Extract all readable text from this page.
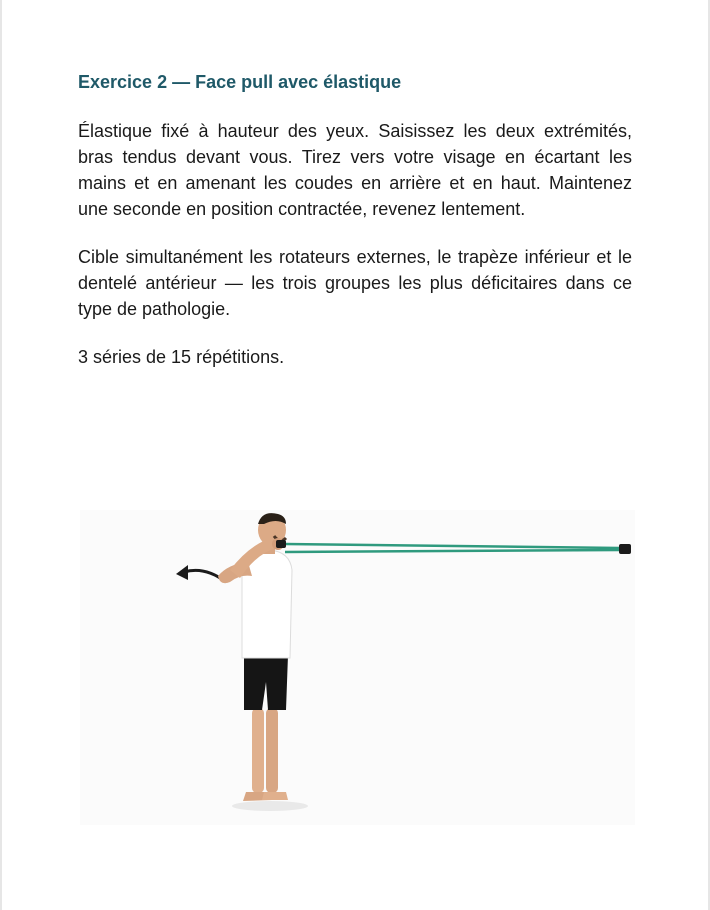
Exercice 2 — Face pull avec élastique

Élastique fixé à hauteur des yeux. Saisissez les deux extrémités, bras tendus devant vous. Tirez vers votre visage en écartant les mains et en amenant les coudes en arrière et en haut. Maintenez une seconde en position contractée, revenez lentement.

Cible simultanément les rotateurs externes, le trapèze inférieur et le dentelé antérieur — les trois groupes les plus déficitaires dans ce type de pathologie.

3 séries de 15 répétitions.
